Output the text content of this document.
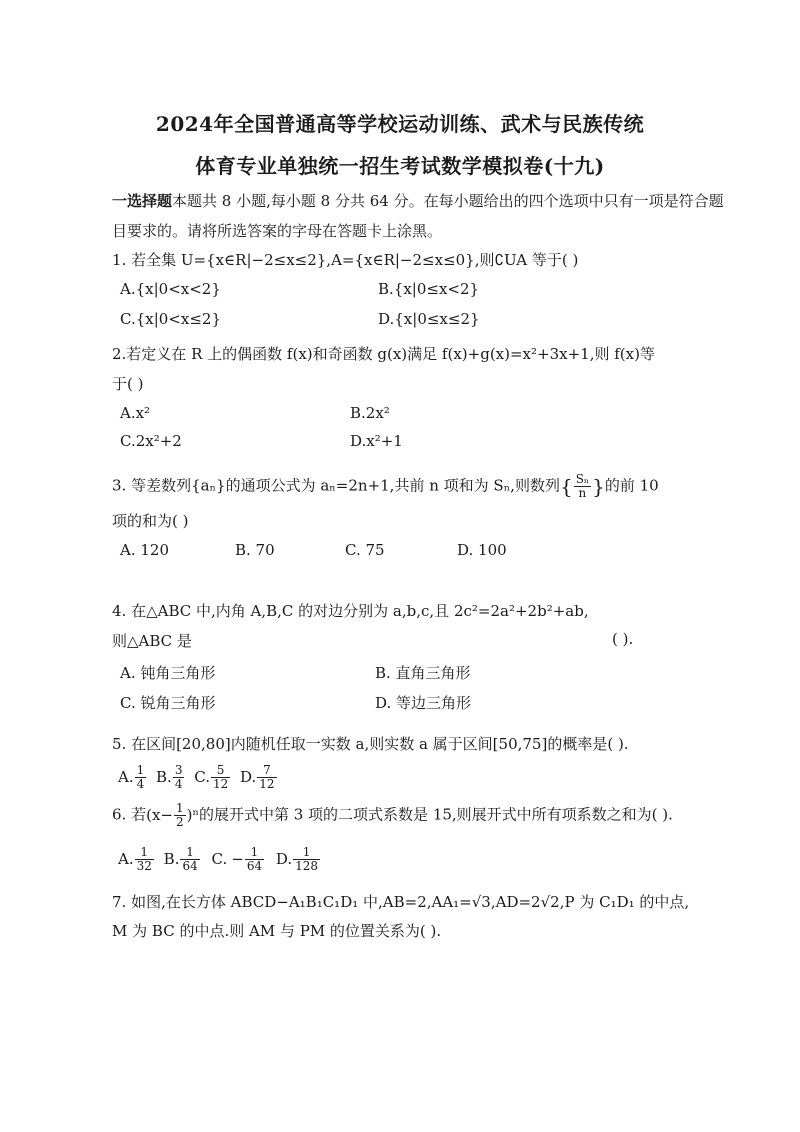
2024年全国普通高等学校运动训练、武术与民族传统
体育专业单独统一招生考试数学模拟卷(十九)
一选择题本题共 8 小题,每小题 8 分共 64 分。在每小题给出的四个选项中只有一项是符合题
目要求的。请将所选答案的字母在答题卡上涂黑。
1. 若全集 U={x∈R|−2≤x≤2},A={x∈R|−2≤x≤0},则∁UA 等于( )
A.{x|0<x<2}	B.{x|0≤x<2}
C.{x|0<x≤2}	D.{x|0≤x≤2}
2.若定义在 R 上的偶函数 f(x)和奇函数 g(x)满足 f(x)+g(x)=x²+3x+1,则 f(x)等
于( )
A.x²	B.2x²
C.2x²+2	D.x²+1
3. 等差数列{aₙ}的通项公式为 aₙ=2n+1,共前 n 项和为 Sₙ,则数列{ $\frac{\text{Sₙ}}{n}$ }的前 10
项的和为( )
A. 120	B. 70	C. 75	D. 100
4. 在△ABC 中,内角 A,B,C 的对边分别为 a,b,c,且 2c²=2a²+2b²+ab,
则△ABC 是	( ).
A. 钝角三角形	B. 直角三角形
C. 锐角三角形	D. 等边三角形
5. 在区间[20,80]内随机任取一实数 a,则实数 a 属于区间[50,75]的概率是( ).
A. $\frac{1}{4} B$. $\frac{3}{4} C$. $\frac{5}{12} D$. $\frac{7}{12}$
6. 若$(x- \frac{1}{2} )^n$的展开式中第 3 项的二项式系数是 15,则展开式中所有项系数之和为( ).
A. $\frac{1}{32} B$. $\frac{1}{64} C$. − $\frac{1}{64} D$. $\frac{1}{128}$
7. 如图,在长方体 ABCD−A₁B₁C₁D₁ 中,AB=2,AA₁=√3,AD=2√2,P 为 C₁D₁ 的中点,
M 为 BC 的中点.则 AM 与 PM 的位置关系为( ).
